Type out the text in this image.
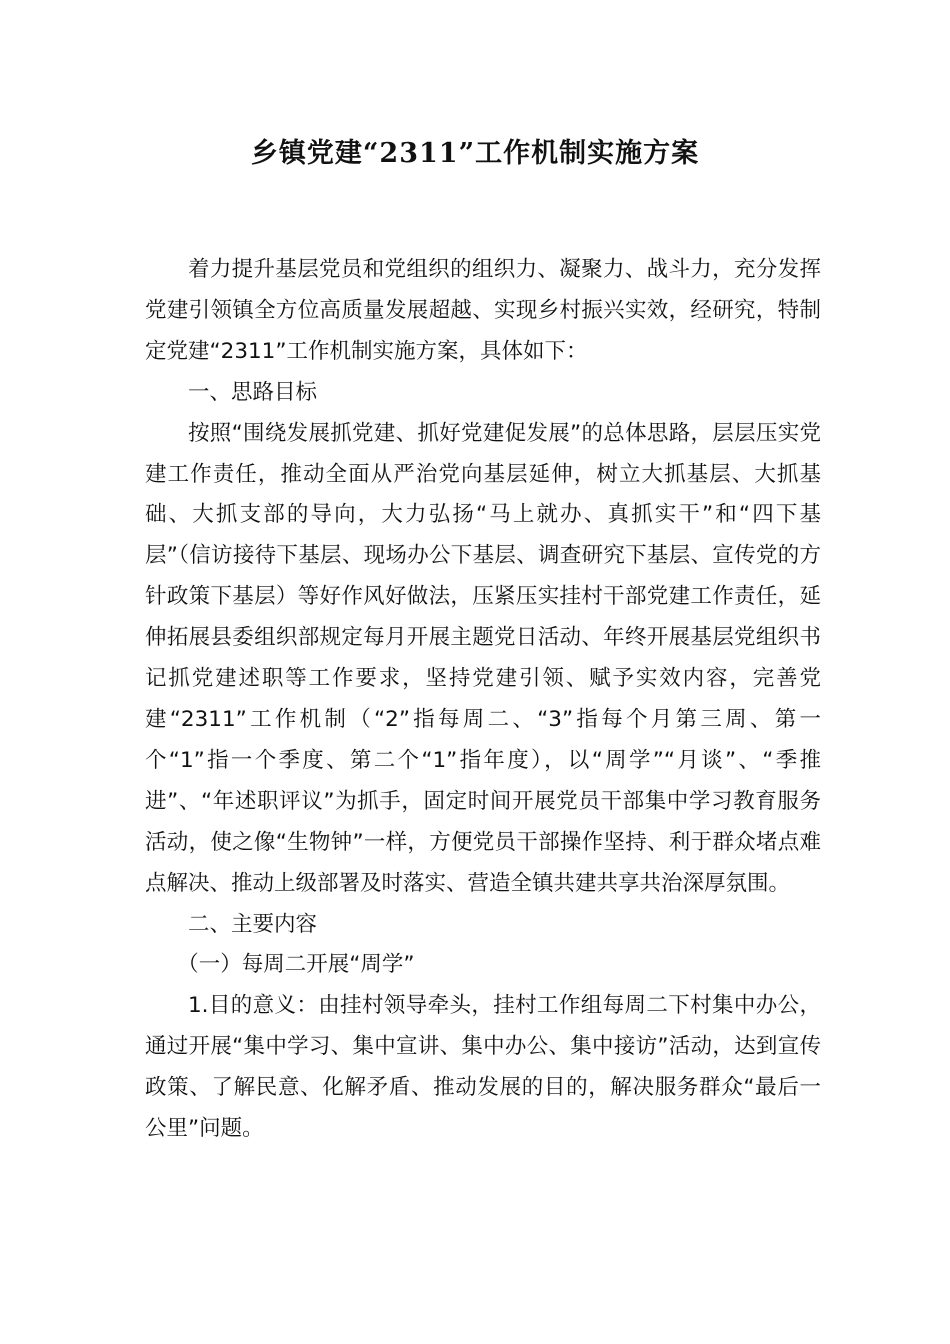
乡镇党建“2311”工作机制实施方案

着力提升基层党员和党组织的组织力、凝聚力、战斗力，充分发挥党建引领镇全方位高质量发展超越、实现乡村振兴实效，经研究，特制定党建“2311”工作机制实施方案，具体如下：

一、思路目标

按照“围绕发展抓党建、抓好党建促发展”的总体思路，层层压实党建工作责任，推动全面从严治党向基层延伸，树立大抓基层、大抓基础、大抓支部的导向，大力弘扬“马上就办、真抓实干”和“四下基层”（信访接待下基层、现场办公下基层、调查研究下基层、宣传党的方针政策下基层）等好作风好做法，压紧压实挂村干部党建工作责任，延伸拓展县委组织部规定每月开展主题党日活动、年终开展基层党组织书记抓党建述职等工作要求，坚持党建引领、赋予实效内容，完善党建“2311”工作机制（“2”指每周二、“3”指每个月第三周、第一个“1”指一个季度、第二个“1”指年度），以“周学”“月谈”、“季推进”、“年述职评议”为抓手，固定时间开展党员干部集中学习教育服务活动，使之像“生物钟”一样，方便党员干部操作坚持、利于群众堵点难点解决、推动上级部署及时落实、营造全镇共建共享共治深厚氛围。

二、主要内容

（一）每周二开展“周学”

1.目的意义：由挂村领导牵头，挂村工作组每周二下村集中办公，通过开展“集中学习、集中宣讲、集中办公、集中接访”活动，达到宣传政策、了解民意、化解矛盾、推动发展的目的，解决服务群众“最后一公里”问题。
